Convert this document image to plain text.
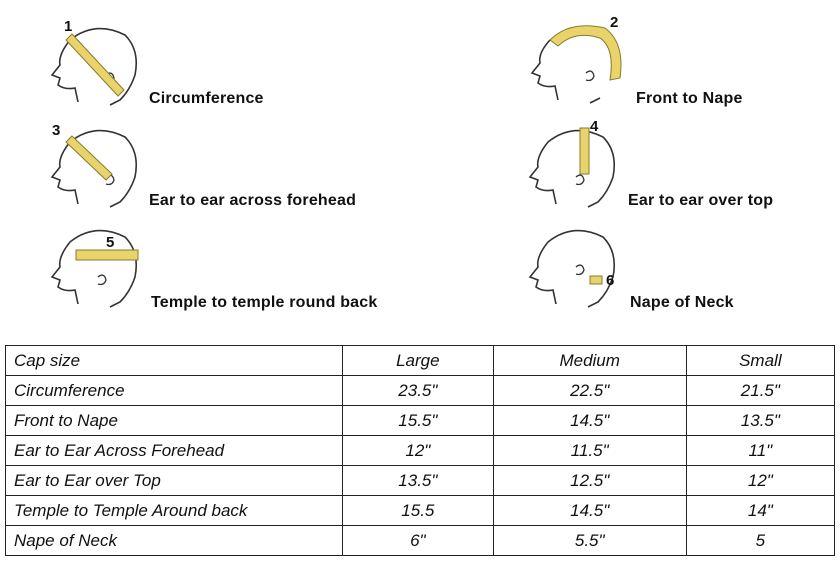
1
Circumference
2
Front to Nape
3
Ear to ear across forehead
4
Ear to ear over top
5
Temple to temple round back
6
Nape of Neck
Cap size	Large	Medium	Small
Circumference	23.5"	22.5"	21.5"
Front to Nape	15.5"	14.5"	13.5"
Ear to Ear Across Forehead	12"	11.5"	11"
Ear to Ear over Top	13.5"	12.5"	12"
Temple to Temple Around back	15.5	14.5"	14"
Nape of Neck	6"	5.5"	5
